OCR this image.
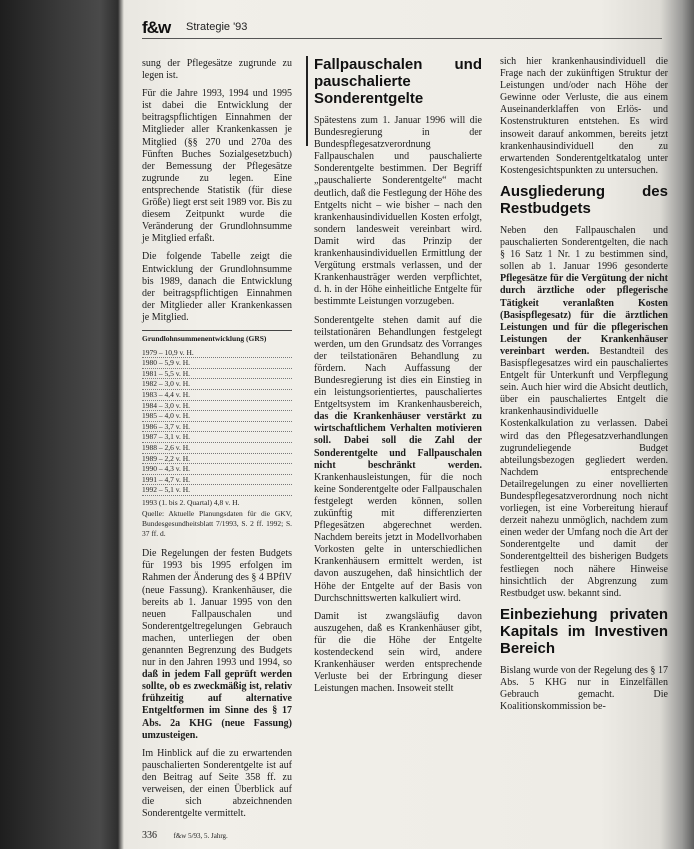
f&w Strategie '93

sung der Pflegesätze zugrunde zu legen ist.

Für die Jahre 1993, 1994 und 1995 ist dabei die Entwicklung der beitragspflichtigen Einnahmen der Mitglieder aller Krankenkassen je Mitglied (§§ 270 und 270a des Fünften Buches Sozialgesetzbuch) der Bemessung der Pflegesätze zugrunde zu legen. Eine entsprechende Statistik (für diese Größe) liegt erst seit 1989 vor. Bis zu diesem Zeitpunkt wurde die Veränderung der Grundlohnsumme je Mitglied erfaßt.

Die folgende Tabelle zeigt die Entwicklung der Grundlohnsumme bis 1989, danach die Entwicklung der beitragspflichtigen Einnahmen der Mitglieder aller Krankenkassen je Mitglied.

Grundlohnsummenentwicklung (GRS)
1979 – 10,9 v. H.
1980 – 5,9 v. H.
1981 – 5,5 v. H.
1982 – 3,0 v. H.
1983 – 4,4 v. H.
1984 – 3,0 v. H.
1985 – 4,0 v. H.
1986 – 3,7 v. H.
1987 – 3,1 v. H.
1988 – 2,6 v. H.
1989 – 2,2 v. H.
1990 – 4,3 v. H.
1991 – 4,7 v. H.
1992 – 5,1 v. H.
1993 (1. bis 2. Quartal) 4,8 v. H.
Quelle: Aktuelle Planungsdaten für die GKV, Bundesgesundheitsblatt 7/1993, S. 2 ff. 1992; S. 37 ff. d.

Die Regelungen der festen Budgets für 1993 bis 1995 erfolgen im Rahmen der Änderung des § 4 BPflV (neue Fassung). Krankenhäuser, die bereits ab 1. Januar 1995 von den neuen Fallpauschalen und Sonderentgeltregelungen Gebrauch machen, unterliegen der oben genannten Begrenzung des Budgets nur in den Jahren 1993 und 1994, so daß in jedem Fall geprüft werden sollte, ob es zweckmäßig ist, relativ frühzeitig auf alternative Entgeltformen im Sinne des § 17 Abs. 2a KHG (neue Fassung) umzusteigen.

Im Hinblick auf die zu erwartenden pauschalierten Sonderentgelte ist auf den Beitrag auf Seite 358 ff. zu verweisen, der einen Überblick auf die sich abzeichnenden Sonderentgelte vermittelt.

Fallpauschalen und pauschalierte Sonderentgelte

Spätestens zum 1. Januar 1996 will die Bundesregierung in der Bundespflegesatzverordnung Fallpauschalen und pauschalierte Sonderentgelte bestimmen. Der Begriff „pauschalierte Sonderentgelte“ macht deutlich, daß die Festlegung der Höhe des Entgelts nicht – wie bisher – nach den krankenhausindividuellen Kosten erfolgt, sondern landesweit vereinbart wird. Damit wird das Prinzip der krankenhausindividuellen Ermittlung der Vergütung erstmals verlassen, und der Krankenhausträger werden verpflichtet, d. h. in der Höhe einheitliche Entgelte für bestimmte Leistungen vorzugeben.

Sonderentgelte stehen damit auf die teilstationären Behandlungen festgelegt werden, um den Grundsatz des Vorranges der teilstationären Behandlung zu fördern. Nach Auffassung der Bundesregierung ist dies ein Einstieg in ein leistungsorientiertes, pauschaliertes Entgeltsystem im Krankenhausbereich, das die Krankenhäuser verstärkt zu wirtschaftlichem Verhalten motivieren soll. Dabei soll die Zahl der Sonderentgelte und Fallpauschalen nicht beschränkt werden. Krankenhausleistungen, für die noch keine Sonderentgelte oder Fallpauschalen festgelegt werden können, sollen zukünftig mit differenzierten Pflegesätzen abgerechnet werden. Nachdem bereits jetzt in Modellvorhaben Vorkosten gelte in unterschiedlichen Krankenhäusern ermittelt werden, ist davon auszugehen, daß hinsichtlich der Höhe der Entgelte auf der Basis von Durchschnittswerten kalkuliert wird.

Damit ist zwangsläufig davon auszugehen, daß es Krankenhäuser gibt, für die die Höhe der Entgelte kostendeckend sein wird, andere Krankenhäuser werden entsprechende Verluste bei der Erbringung dieser Leistungen machen. Insoweit stellt

sich hier krankenhausindividuell die Frage nach der zukünftigen Struktur der Leistungen und/oder nach Höhe der Gewinne oder Verluste, die aus einem Auseinanderklaffen von Erlös- und Kostenstrukturen entstehen. Es wird insoweit darauf ankommen, bereits jetzt krankenhausindividuell den zu erwartenden Sonderentgeltkatalog unter Kostengesichtspunkten zu untersuchen.

Ausgliederung des Restbudgets

Neben den Fallpauschalen und pauschalierten Sonderentgelten, die nach § 16 Satz 1 Nr. 1 zu bestimmen sind, sollen ab 1. Januar 1996 gesonderte Pflegesätze für die Vergütung der nicht durch ärztliche oder pflegerische Tätigkeit veranlaßten Kosten (Basispflegesatz) für die ärztlichen Leistungen und für die pflegerischen Leistungen der Krankenhäuser vereinbart werden. Bestandteil des Basispflegesatzes wird ein pauschaliertes Entgelt für Unterkunft und Verpflegung sein. Auch hier wird die Absicht deutlich, über ein pauschaliertes Entgelt die krankenhausindividuelle Kostenkalkulation zu verlassen. Dabei wird das den Pflegesatzverhandlungen zugrundeliegende Budget abteilungsbezogen gegliedert werden. Nachdem entsprechende Detailregelungen zu einer novellierten Bundespflegesatzverordnung noch nicht vorliegen, ist eine Vorbereitung hierauf derzeit nahezu unmöglich, nachdem zum einen weder der Umfang noch die Art der Sonderentgelte und damit der Sonderentgeltteil des bisherigen Budgets festliegen noch nähere Hinweise hinsichtlich der Abgrenzung zum Restbudget usw. bekannt sind.

Einbeziehung privaten Kapitals im Investiven Bereich

Bislang wurde von der Regelung des § 17 Abs. 5 KHG nur in Einzelfällen Gebrauch gemacht. Die Koalitionskommission be-

336 f&w 5/93, 5. Jahrg.
